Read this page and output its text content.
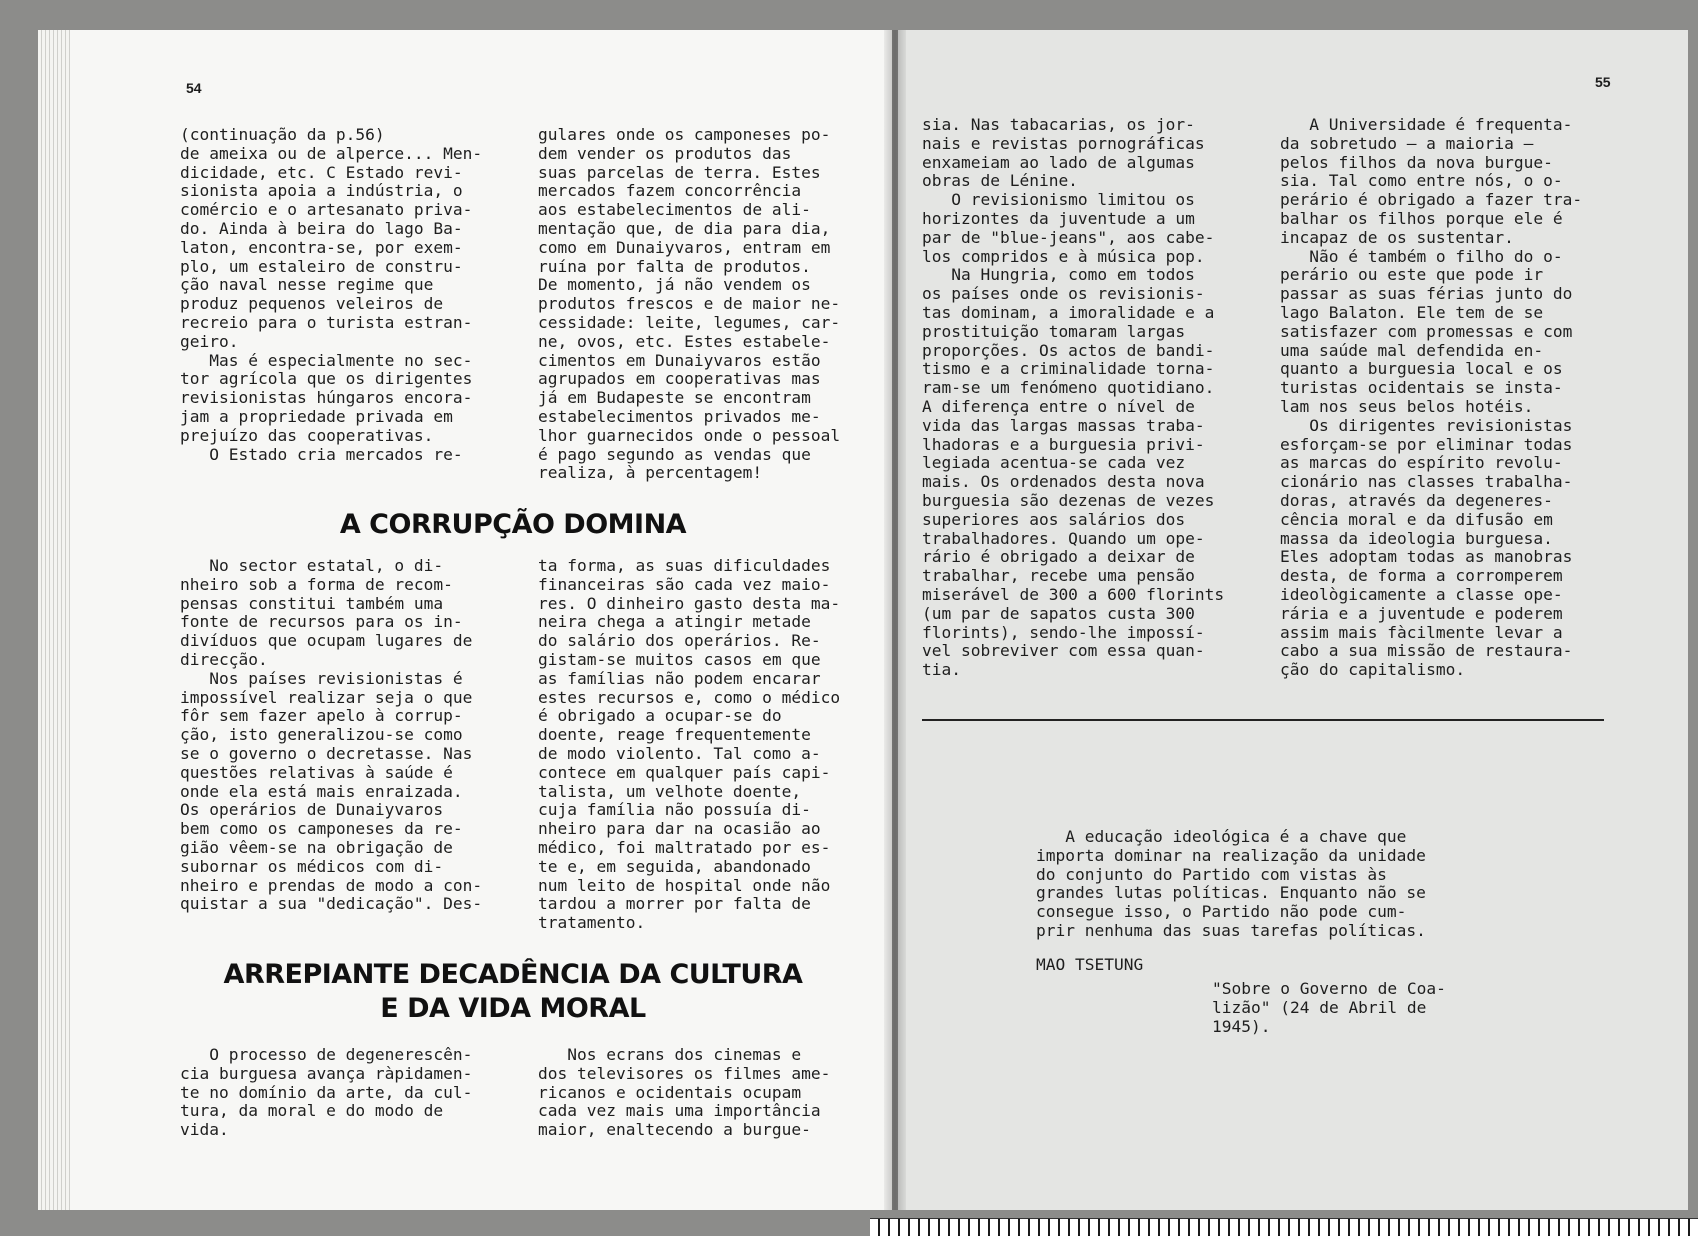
54
(continuação da p.56)
de ameixa ou de alperce... Men-
dicidade, etc. C Estado revi-
sionista apoia a indústria, o
comércio e o artesanato priva-
do. Ainda à beira do lago Ba-
laton, encontra-se, por exem-
plo, um estaleiro de constru-
ção naval nesse regime que
produz pequenos veleiros de
recreio para o turista estran-
geiro.
Mas é especialmente no sec-
tor agrícola que os dirigentes
revisionistas húngaros encora-
jam a propriedade privada em
prejuízo das cooperativas.
O Estado cria mercados re-
gulares onde os camponeses po-
dem vender os produtos das
suas parcelas de terra. Estes
mercados fazem concorrência
aos estabelecimentos de ali-
mentação que, de dia para dia,
como em Dunaiyvaros, entram em
ruína por falta de produtos.
De momento, já não vendem os
produtos frescos e de maior ne-
cessidade: leite, legumes, car-
ne, ovos, etc. Estes estabele-
cimentos em Dunaiyvaros estão
agrupados em cooperativas mas
já em Budapeste se encontram
estabelecimentos privados me-
lhor guarnecidos onde o pessoal
é pago segundo as vendas que
realiza, à percentagem!
A CORRUPÇÃO DOMINA
No sector estatal, o di-
nheiro sob a forma de recom-
pensas constitui também uma
fonte de recursos para os in-
divíduos que ocupam lugares de
direcção.
Nos países revisionistas é
impossível realizar seja o que
fôr sem fazer apelo à corrup-
ção, isto generalizou-se como
se o governo o decretasse. Nas
questões relativas à saúde é
onde ela está mais enraizada.
Os operários de Dunaiyvaros
bem como os camponeses da re-
gião vêem-se na obrigação de
subornar os médicos com di-
nheiro e prendas de modo a con-
quistar a sua "dedicação". Des-
ta forma, as suas dificuldades
financeiras são cada vez maio-
res. O dinheiro gasto desta ma-
neira chega a atingir metade
do salário dos operários. Re-
gistam-se muitos casos em que
as famílias não podem encarar
estes recursos e, como o médico
é obrigado a ocupar-se do
doente, reage frequentemente
de modo violento. Tal como a-
contece em qualquer país capi-
talista, um velhote doente,
cuja família não possuía di-
nheiro para dar na ocasião ao
médico, foi maltratado por es-
te e, em seguida, abandonado
num leito de hospital onde não
tardou a morrer por falta de
tratamento.
ARREPIANTE DECADÊNCIA DA CULTURA
E DA VIDA MORAL
O processo de degenerescên-
cia burguesa avança ràpidamen-
te no domínio da arte, da cul-
tura, da moral e do modo de
vida.
Nos ecrans dos cinemas e
dos televisores os filmes ame-
ricanos e ocidentais ocupam
cada vez mais uma importância
maior, enaltecendo a burgue-
55
sia. Nas tabacarias, os jor-
nais e revistas pornográficas
enxameiam ao lado de algumas
obras de Lénine.
O revisionismo limitou os
horizontes da juventude a um
par de "blue-jeans", aos cabe-
los compridos e à música pop.
Na Hungria, como em todos
os países onde os revisionis-
tas dominam, a imoralidade e a
prostituição tomaram largas
proporções. Os actos de bandi-
tismo e a criminalidade torna-
ram-se um fenómeno quotidiano.
A diferença entre o nível de
vida das largas massas traba-
lhadoras e a burguesia privi-
legiada acentua-se cada vez
mais. Os ordenados desta nova
burguesia são dezenas de vezes
superiores aos salários dos
trabalhadores. Quando um ope-
rário é obrigado a deixar de
trabalhar, recebe uma pensão
miserável de 300 a 600 florints
(um par de sapatos custa 300
florints), sendo-lhe impossí-
vel sobreviver com essa quan-
tia.
A Universidade é frequenta-
da sobretudo — a maioria —
pelos filhos da nova burgue-
sia. Tal como entre nós, o o-
perário é obrigado a fazer tra-
balhar os filhos porque ele é
incapaz de os sustentar.
Não é também o filho do o-
perário ou este que pode ir
passar as suas férias junto do
lago Balaton. Ele tem de se
satisfazer com promessas e com
uma saúde mal defendida en-
quanto a burguesia local e os
turistas ocidentais se insta-
lam nos seus belos hotéis.
Os dirigentes revisionistas
esforçam-se por eliminar todas
as marcas do espírito revolu-
cionário nas classes trabalha-
doras, através da degeneres-
cência moral e da difusão em
massa da ideologia burguesa.
Eles adoptam todas as manobras
desta, de forma a corromperem
ideològicamente a classe ope-
rária e a juventude e poderem
assim mais fàcilmente levar a
cabo a sua missão de restaura-
ção do capitalismo.
A educação ideológica é a chave que
importa dominar na realização da unidade
do conjunto do Partido com vistas às
grandes lutas políticas. Enquanto não se
consegue isso, o Partido não pode cum-
prir nenhuma das suas tarefas políticas.
MAO TSETUNG
"Sobre o Governo de Coa-
lizão" (24 de Abril de
1945).
